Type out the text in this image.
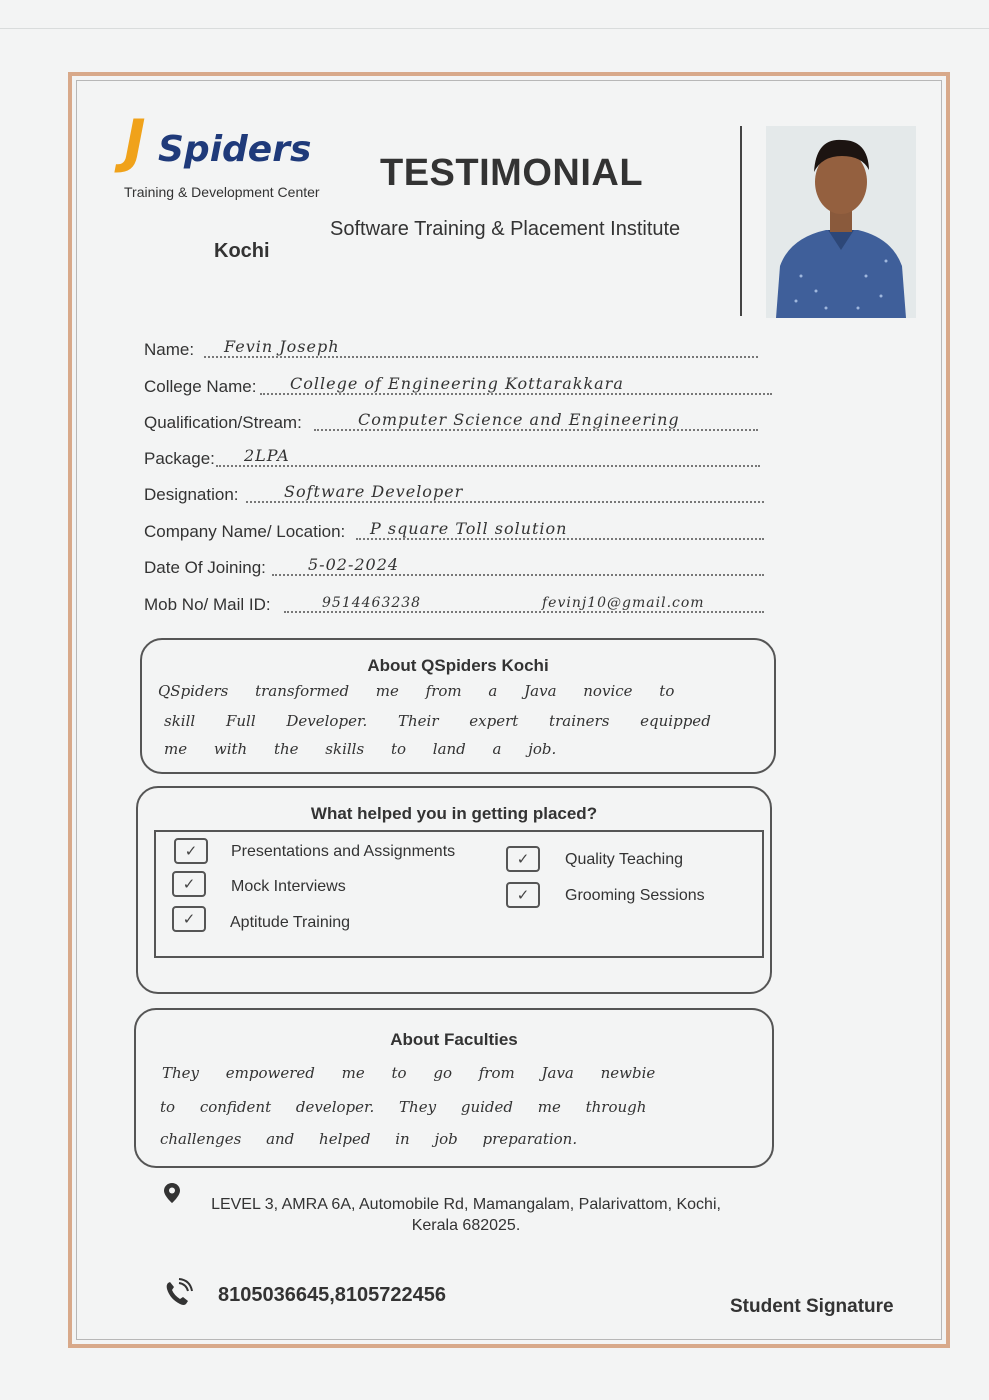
J Spiders
Training & Development Center TESTIMONIAL
Software Training & Placement Institute
Kochi
Name: Fevin Joseph
College Name: College of Engineering Kottarakkara
Qualification/Stream:	Computer Science and Engineering
Package: 2LPA
Designation:	Software Developer
Company Name/ Location: P square Toll solution
Date Of Joining:	5-02-2024
Mob No/ Mail ID:	9514463238	fevinj10@gmail.com
About QSpiders Kochi
QSpiders transformed me from a Java novice to
skill Full Developer. Their expert trainers equipped
me with the skills to land a job.
What helped you in getting placed?
✓	Presentations and Assignments
✓	Mock Interviews
✓	Aptitude Training
✓	Quality Teaching
✓	Grooming Sessions
About Faculties
They empowered me to go from Java newbie
to confident developer. They guided me through
challenges and helped in job preparation.
LEVEL 3, AMRA 6A, Automobile Rd, Mamangalam, Palarivattom, Kochi,
Kerala 682025.
8105036645,8105722456
Student Signature
